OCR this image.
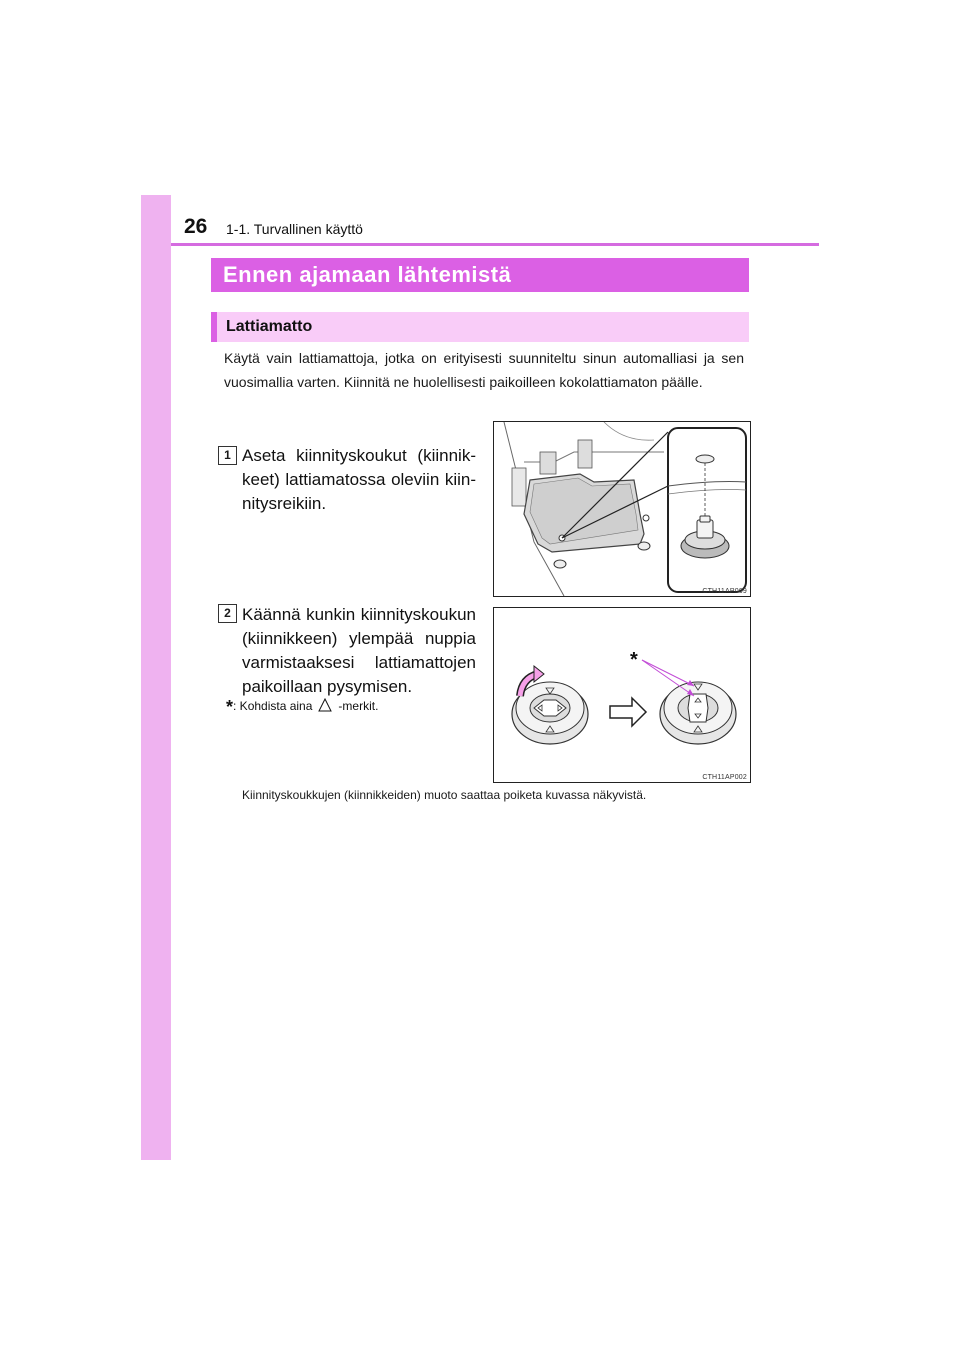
26 1-1. Turvallinen käyttö
Ennen ajamaan lähtemistä
Lattiamatto
Käytä vain lattiamattoja, jotka on erityisesti suunniteltu sinun automalliasi ja sen vuosimallia varten. Kiinnitä ne huolellisesti paikoilleen kokolattiamaton päälle.
1 Aseta kiinnityskoukut (kiinnik-keet) lattiamatossa oleviin kiin-nitysreikiin.
CTH11AP069
2 Käännä kunkin kiinnityskoukun (kiinnikkeen) ylempää nuppia varmistaaksesi lattiamattojen paikoillaan pysymisen.
*
CTH11AP002
*: Kohdista aina -merkit.
Kiinnityskoukkujen (kiinnikkeiden) muoto saattaa poiketa kuvassa näkyvistä.
